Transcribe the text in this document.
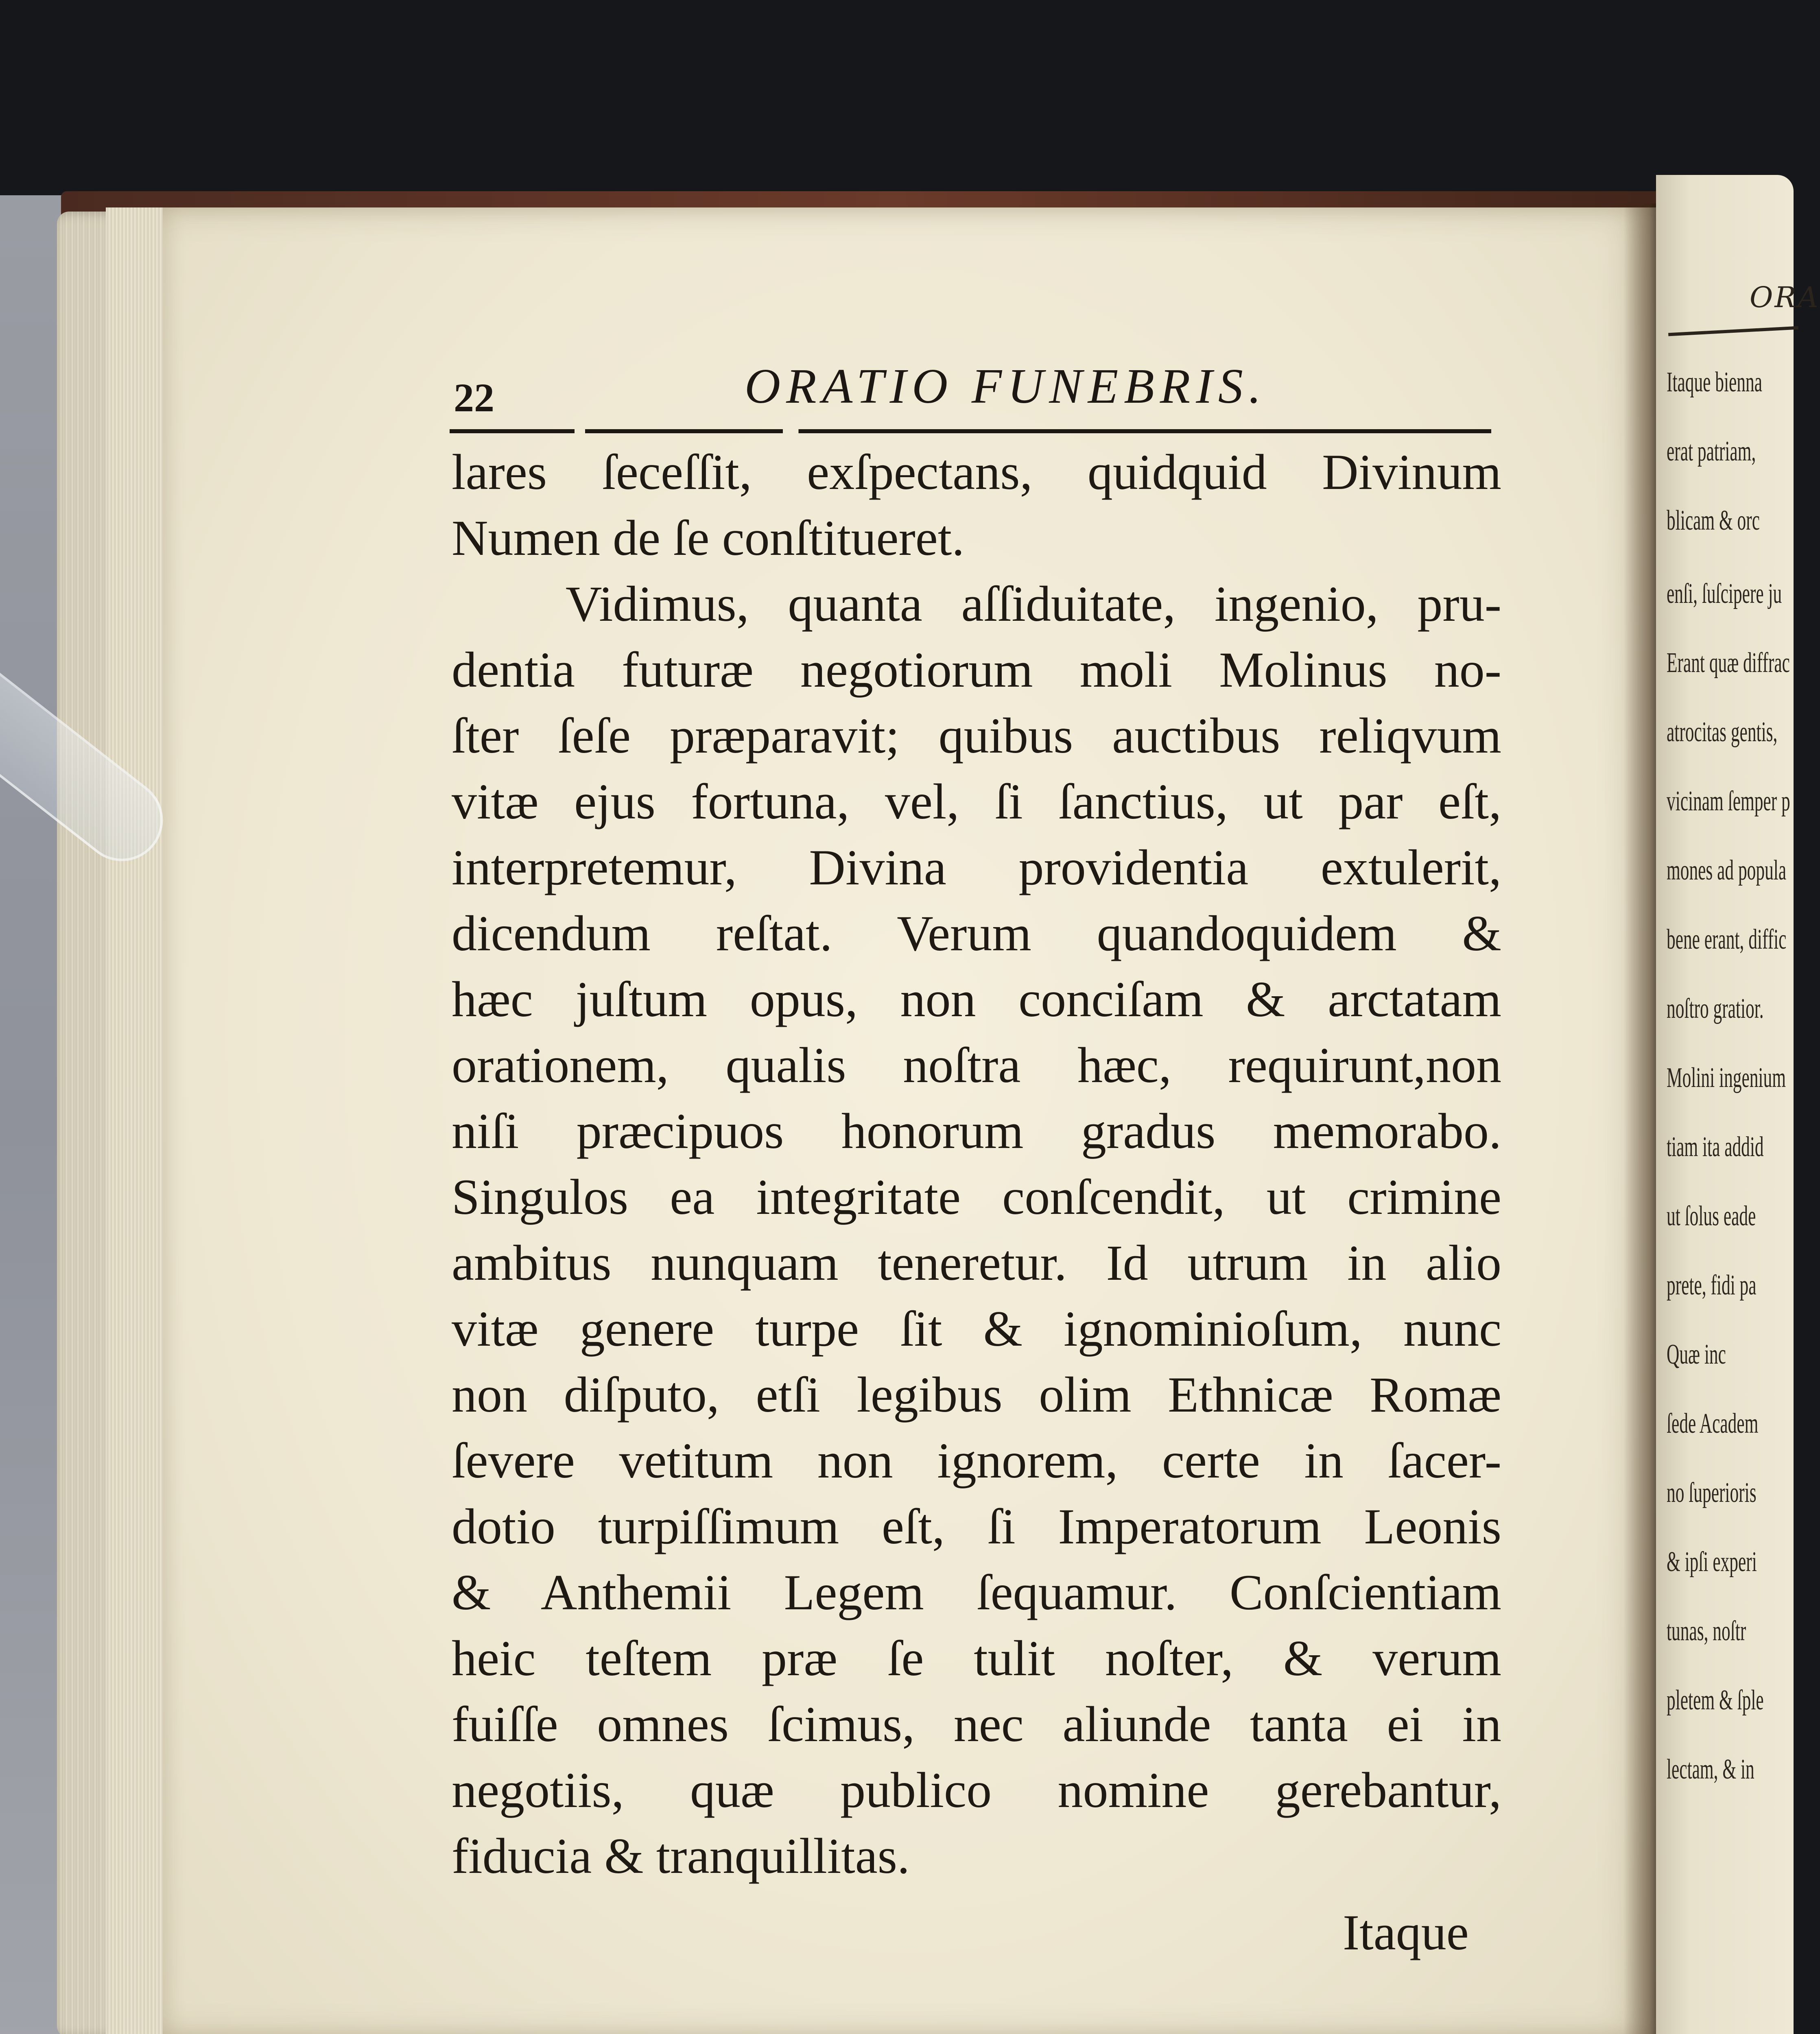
ORA
Itaque bienna
erat patriam,
blicam & orc
enſi, ſuſcipere ju
Erant quæ diffrac
atrocitas gentis,
vicinam ſemper p
mones ad popula
bene erant, diffic
noſtro gratior.
Molini ingenium
tiam ita addid
ut ſolus eade
prete, fidi pa
Quæ inc
ſede Academ
no ſuperioris
& ipſi experi
tunas, noſtr
pletem & ſple
lectam, & in
22	ORATIO FUNEBRIS.
lares ſeceſſit, exſpectans, quidquid Divinum
Numen de ſe conſtitueret.
Vidimus, quanta aſſiduitate, ingenio, pru-
dentia futuræ negotiorum moli Molinus no-
ſter ſeſe præparavit; quibus auctibus reliqvum
vitæ ejus fortuna, vel, ſi ſanctius, ut par eſt,
interpretemur, Divina providentia extulerit,
dicendum reſtat. Verum quandoquidem &
hæc juſtum opus, non conciſam & arctatam
orationem, qualis noſtra hæc, requirunt,non
niſi præcipuos honorum gradus memorabo.
Singulos ea integritate conſcendit, ut crimine
ambitus nunquam teneretur. Id utrum in alio
vitæ genere turpe ſit & ignominioſum, nunc
non diſputo, etſi legibus olim Ethnicæ Romæ
ſevere vetitum non ignorem, certe in ſacer-
dotio turpiſſimum eſt, ſi Imperatorum Leonis
& Anthemii Legem ſequamur. Conſcientiam
heic teſtem præ ſe tulit noſter, & verum
fuiſſe omnes ſcimus, nec aliunde tanta ei in
negotiis, quæ publico nomine gerebantur,
fiducia & tranquillitas.
Itaque
